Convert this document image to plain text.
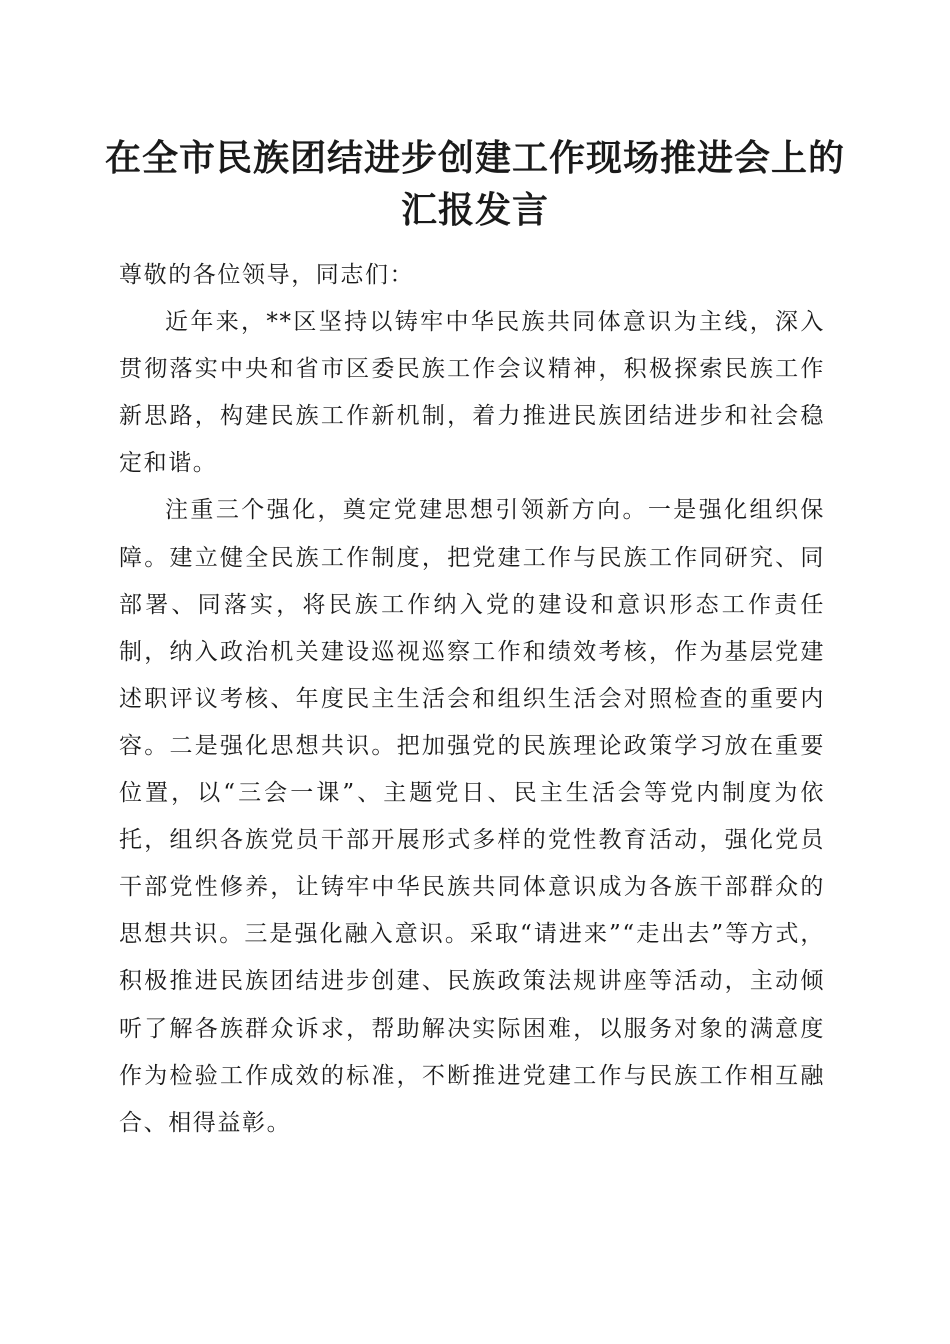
在全市民族团结进步创建工作现场推进会上的
汇报发言

尊敬的各位领导，同志们：

近年来，**区坚持以铸牢中华民族共同体意识为主线，深入贯彻落实中央和省市区委民族工作会议精神，积极探索民族工作新思路，构建民族工作新机制，着力推进民族团结进步和社会稳定和谐。

注重三个强化，奠定党建思想引领新方向。一是强化组织保障。建立健全民族工作制度，把党建工作与民族工作同研究、同部署、同落实，将民族工作纳入党的建设和意识形态工作责任制，纳入政治机关建设巡视巡察工作和绩效考核，作为基层党建述职评议考核、年度民主生活会和组织生活会对照检查的重要内容。二是强化思想共识。把加强党的民族理论政策学习放在重要位置，以“三会一课”、主题党日、民主生活会等党内制度为依托，组织各族党员干部开展形式多样的党性教育活动，强化党员干部党性修养，让铸牢中华民族共同体意识成为各族干部群众的思想共识。三是强化融入意识。采取“请进来”“走出去”等方式，积极推进民族团结进步创建、民族政策法规讲座等活动，主动倾听了解各族群众诉求，帮助解决实际困难，以服务对象的满意度作为检验工作成效的标准，不断推进党建工作与民族工作相互融合、相得益彰。
